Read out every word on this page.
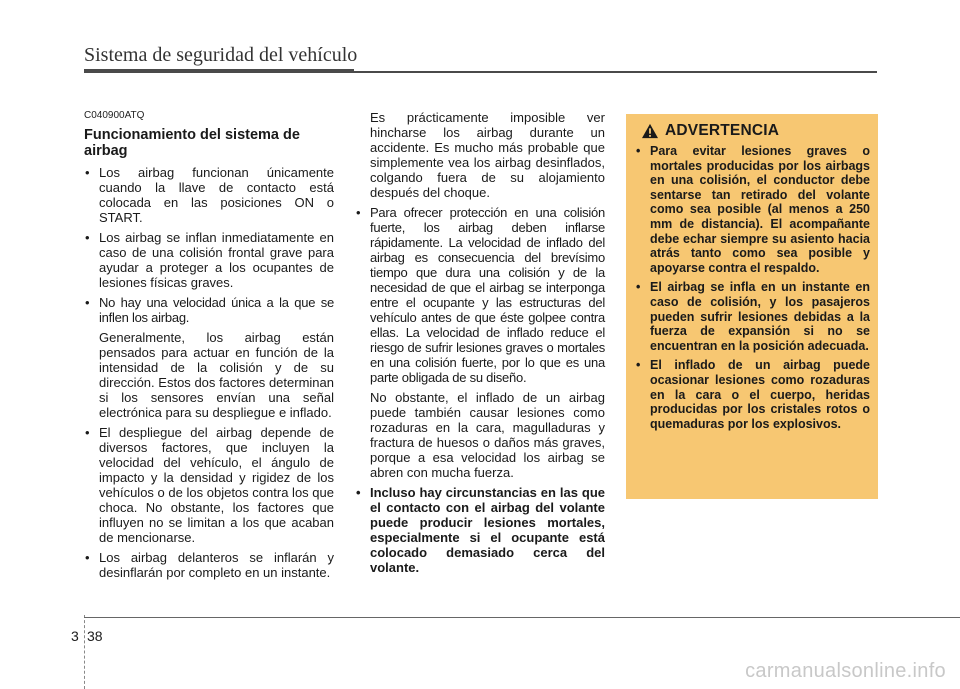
Sistema de seguridad del vehículo
C040900ATQ
Funcionamiento del sistema de airbag
• Los airbag funcionan únicamente cuando la llave de contacto está colocada en las posiciones ON o START.
• Los airbag se inflan inmediatamente en caso de una colisión frontal grave para ayudar a proteger a los ocupantes de lesiones físicas graves.
• No hay una velocidad única a la que se inflen los airbag.
Generalmente, los airbag están pensados para actuar en función de la intensidad de la colisión y de su dirección. Estos dos factores determinan si los sensores envían una señal electrónica para su despliegue e inflado.
• El despliegue del airbag depende de diversos factores, que incluyen la velocidad del vehículo, el ángulo de impacto y la densidad y rigidez de los vehículos o de los objetos contra los que choca. No obstante, los factores que influyen no se limitan a los que acaban de mencionarse.
• Los airbag delanteros se inflarán y desinflarán por completo en un instante.
Es prácticamente imposible ver hincharse los airbag durante un accidente. Es mucho más probable que simplemente vea los airbag desinflados, colgando fuera de su alojamiento después del choque.
• Para ofrecer protección en una colisión fuerte, los airbag deben inflarse rápidamente. La velocidad de inflado del airbag es consecuencia del brevísimo tiempo que dura una colisión y de la necesidad de que el airbag se interponga entre el ocupante y las estructuras del vehículo antes de que éste golpee contra ellas. La velocidad de inflado reduce el riesgo de sufrir lesiones graves o mortales en una colisión fuerte, por lo que es una parte obligada de su diseño.
No obstante, el inflado de un airbag puede también causar lesiones como rozaduras en la cara, magulladuras y fractura de huesos o daños más graves, porque a esa velocidad los airbag se abren con mucha fuerza.
• Incluso hay circunstancias en las que el contacto con el airbag del volante puede producir lesiones mortales, especialmente si el ocupante está colocado demasiado cerca del volante.
ADVERTENCIA
• Para evitar lesiones graves o mortales producidas por los airbags en una colisión, el conductor debe sentarse tan retirado del volante como sea posible (al menos a 250 mm de distancia). El acompañante debe echar siempre su asiento hacia atrás tanto como sea posible y apoyarse contra el respaldo.
• El airbag se infla en un instante en caso de colisión, y los pasajeros pueden sufrir lesiones debidas a la fuerza de expansión si no se encuentran en la posición adecuada.
• El inflado de un airbag puede ocasionar lesiones como rozaduras en la cara o el cuerpo, heridas producidas por los cristales rotos o quemaduras por los explosivos.
3 38
carmanualsonline.info
